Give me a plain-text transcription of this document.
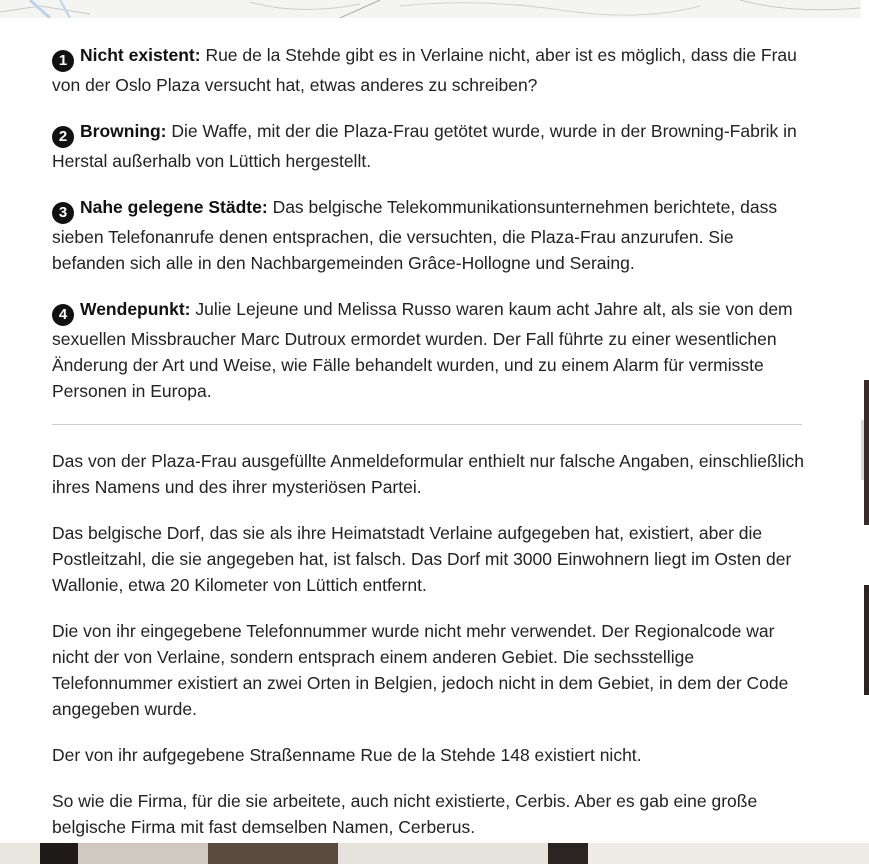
1 Nicht existent: Rue de la Stehde gibt es in Verlaine nicht, aber ist es möglich, dass die Frau von der Oslo Plaza versucht hat, etwas anderes zu schreiben?

2 Browning: Die Waffe, mit der die Plaza-Frau getötet wurde, wurde in der Browning-Fabrik in Herstal außerhalb von Lüttich hergestellt.

3 Nahe gelegene Städte: Das belgische Telekommunikationsunternehmen berichtete, dass sieben Telefonanrufe denen entsprachen, die versuchten, die Plaza-Frau anzurufen. Sie befanden sich alle in den Nachbargemeinden Grâce-Hollogne und Seraing.

4 Wendepunkt: Julie Lejeune und Melissa Russo waren kaum acht Jahre alt, als sie von dem sexuellen Missbraucher Marc Dutroux ermordet wurden. Der Fall führte zu einer wesentlichen Änderung der Art und Weise, wie Fälle behandelt wurden, und zu einem Alarm für vermisste Personen in Europa.

Das von der Plaza-Frau ausgefüllte Anmeldeformular enthielt nur falsche Angaben, einschließlich ihres Namens und des ihrer mysteriösen Partei.

Das belgische Dorf, das sie als ihre Heimatstadt Verlaine aufgegeben hat, existiert, aber die Postleitzahl, die sie angegeben hat, ist falsch. Das Dorf mit 3000 Einwohnern liegt im Osten der Wallonie, etwa 20 Kilometer von Lüttich entfernt.

Die von ihr eingegebene Telefonnummer wurde nicht mehr verwendet. Der Regionalcode war nicht der von Verlaine, sondern entsprach einem anderen Gebiet. Die sechsstellige Telefonnummer existiert an zwei Orten in Belgien, jedoch nicht in dem Gebiet, in dem der Code angegeben wurde.

Der von ihr aufgegebene Straßenname Rue de la Stehde 148 existiert nicht.

So wie die Firma, für die sie arbeitete, auch nicht existierte, Cerbis. Aber es gab eine große belgische Firma mit fast demselben Namen, Cerberus.
